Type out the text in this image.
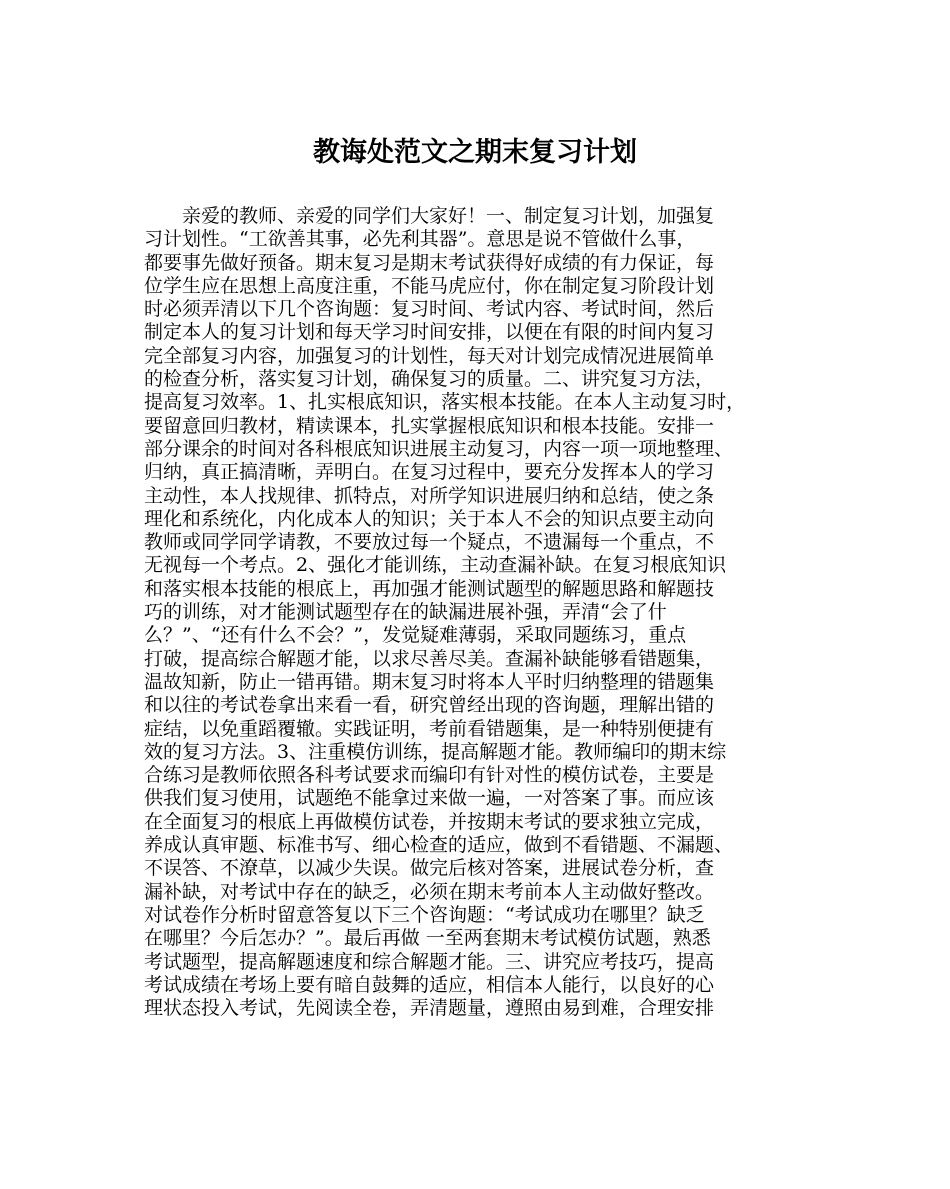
教诲处范文之期末复习计划
　　亲爱的教师、亲爱的同学们大家好！一、制定复习计划，加强复
习计划性。“工欲善其事，必先利其器”。意思是说不管做什么事，
都要事先做好预备。期末复习是期末考试获得好成绩的有力保证，每
位学生应在思想上高度注重，不能马虎应付，你在制定复习阶段计划
时必须弄清以下几个咨询题：复习时间、考试内容、考试时间，然后
制定本人的复习计划和每天学习时间安排，以便在有限的时间内复习
完全部复习内容，加强复习的计划性，每天对计划完成情况进展简单
的检查分析，落实复习计划，确保复习的质量。二、讲究复习方法，
提高复习效率。1、扎实根底知识，落实根本技能。在本人主动复习时，
要留意回归教材，精读课本，扎实掌握根底知识和根本技能。安排一
部分课余的时间对各科根底知识进展主动复习，内容一项一项地整理、
归纳，真正搞清晰，弄明白。在复习过程中，要充分发挥本人的学习
主动性，本人找规律、抓特点，对所学知识进展归纳和总结，使之条
理化和系统化，内化成本人的知识；关于本人不会的知识点要主动向
教师或同学同学请教，不要放过每一个疑点，不遗漏每一个重点，不
无视每一个考点。2、强化才能训练，主动查漏补缺。在复习根底知识
和落实根本技能的根底上，再加强才能测试题型的解题思路和解题技
巧的训练，对才能测试题型存在的缺漏进展补强，弄清“会了什
么？”、“还有什么不会？”，发觉疑难薄弱，采取同题练习，重点
打破，提高综合解题才能，以求尽善尽美。查漏补缺能够看错题集，
温故知新，防止一错再错。期末复习时将本人平时归纳整理的错题集
和以往的考试卷拿出来看一看，研究曾经出现的咨询题，理解出错的
症结，以免重蹈覆辙。实践证明，考前看错题集，是一种特别便捷有
效的复习方法。3、注重模仿训练，提高解题才能。教师编印的期末综
合练习是教师依照各科考试要求而编印有针对性的模仿试卷，主要是
供我们复习使用，试题绝不能拿过来做一遍，一对答案了事。而应该
在全面复习的根底上再做模仿试卷，并按期末考试的要求独立完成，
养成认真审题、标准书写、细心检查的适应，做到不看错题、不漏题、
不误答、不潦草，以减少失误。做完后核对答案，进展试卷分析，查
漏补缺，对考试中存在的缺乏，必须在期末考前本人主动做好整改。
对试卷作分析时留意答复以下三个咨询题：“考试成功在哪里？缺乏
在哪里？今后怎办？”。最后再做 一至两套期末考试模仿试题，熟悉
考试题型，提高解题速度和综合解题才能。三、讲究应考技巧，提高
考试成绩在考场上要有暗自鼓舞的适应，相信本人能行，以良好的心
理状态投入考试，先阅读全卷，弄清题量，遵照由易到难，合理安排
